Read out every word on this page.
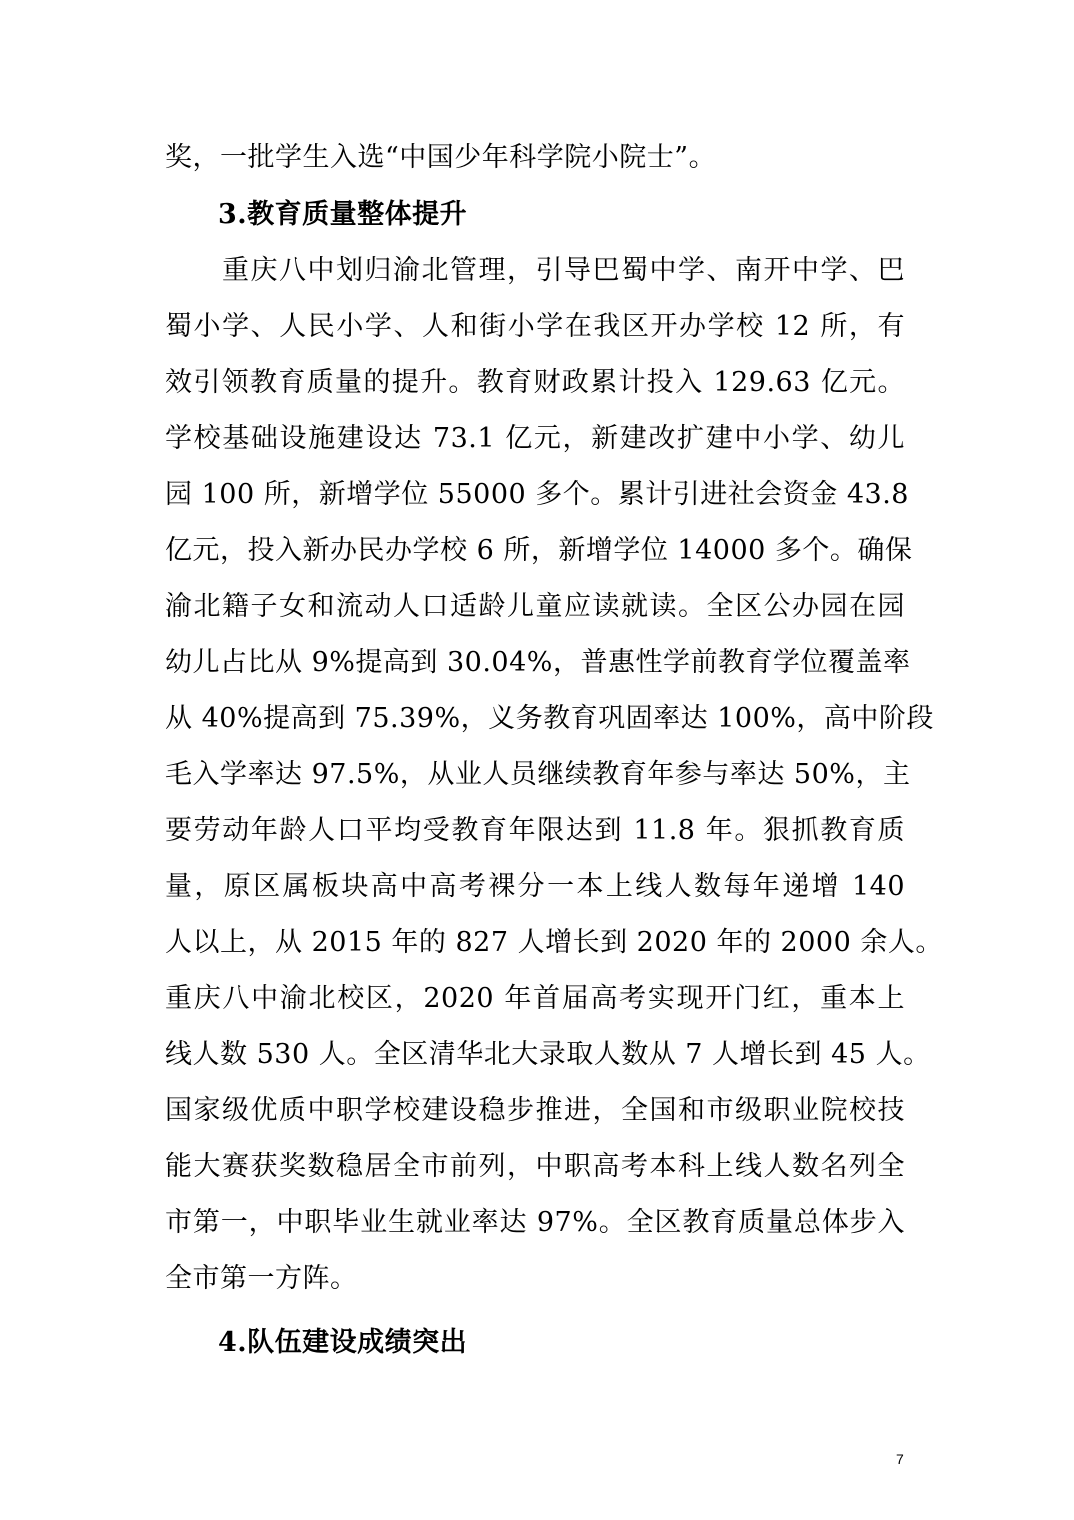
奖，一批学生入选“中国少年科学院小院士”。
3.教育质量整体提升
重庆八中划归渝北管理，引导巴蜀中学、南开中学、巴
蜀小学、人民小学、人和街小学在我区开办学校 12 所，有
效引领教育质量的提升。教育财政累计投入 129.63 亿元。
学校基础设施建设达 73.1 亿元，新建改扩建中小学、幼儿
园 100 所，新增学位 55000 多个。累计引进社会资金 43.8
亿元，投入新办民办学校 6 所，新增学位 14000 多个。确保
渝北籍子女和流动人口适龄儿童应读就读。全区公办园在园
幼儿占比从 9%提高到 30.04%，普惠性学前教育学位覆盖率
从 40%提高到 75.39%，义务教育巩固率达 100%，高中阶段
毛入学率达 97.5%，从业人员继续教育年参与率达 50%，主
要劳动年龄人口平均受教育年限达到 11.8 年。狠抓教育质
量，原区属板块高中高考裸分一本上线人数每年递增 140
人以上，从 2015 年的 827 人增长到 2020 年的 2000 余人。
重庆八中渝北校区，2020 年首届高考实现开门红，重本上
线人数 530 人。全区清华北大录取人数从 7 人增长到 45 人。
国家级优质中职学校建设稳步推进，全国和市级职业院校技
能大赛获奖数稳居全市前列，中职高考本科上线人数名列全
市第一，中职毕业生就业率达 97%。全区教育质量总体步入
全市第一方阵。
4.队伍建设成绩突出
7
